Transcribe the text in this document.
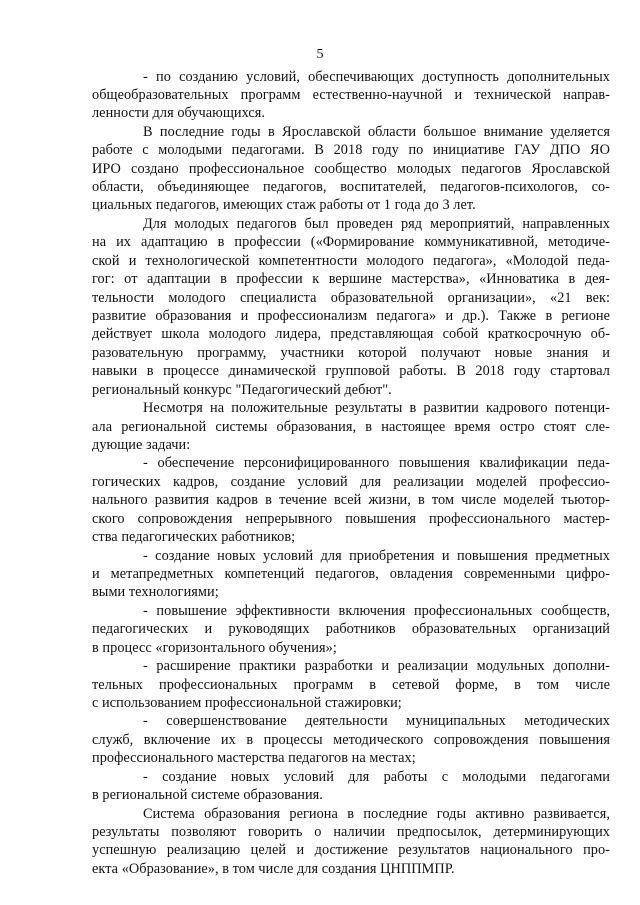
5
- по созданию условий, обеспечивающих доступность дополнительных
общеобразовательных программ естественно-научной и технической направ-
ленности для обучающихся.
В последние годы в Ярославской области большое внимание уделяется
работе с молодыми педагогами. В 2018 году по инициативе ГАУ ДПО ЯО
ИРО создано профессиональное сообщество молодых педагогов Ярославской
области, объединяющее педагогов, воспитателей, педагогов-психологов, со-
циальных педагогов, имеющих стаж работы от 1 года до 3 лет.
Для молодых педагогов был проведен ряд мероприятий, направленных
на их адаптацию в профессии («Формирование коммуникативной, методиче-
ской и технологической компетентности молодого педагога», «Молодой педа-
гог: от адаптации в профессии к вершине мастерства», «Инноватика в дея-
тельности молодого специалиста образовательной организации», «21 век:
развитие образования и профессионализм педагога» и др.). Также в регионе
действует школа молодого лидера, представляющая собой краткосрочную об-
разовательную программу, участники которой получают новые знания и
навыки в процессе динамической групповой работы. В 2018 году стартовал
региональный конкурс "Педагогический дебют".
Несмотря на положительные результаты в развитии кадрового потенци-
ала региональной системы образования, в настоящее время остро стоят сле-
дующие задачи:
- обеспечение персонифицированного повышения квалификации педа-
гогических кадров, создание условий для реализации моделей профессио-
нального развития кадров в течение всей жизни, в том числе моделей тьютор-
ского сопровождения непрерывного повышения профессионального мастер-
ства педагогических работников;
- создание новых условий для приобретения и повышения предметных
и метапредметных компетенций педагогов, овладения современными цифро-
выми технологиями;
- повышение эффективности включения профессиональных сообществ,
педагогических и руководящих работников образовательных организаций
в процесс «горизонтального обучения»;
- расширение практики разработки и реализации модульных дополни-
тельных профессиональных программ в сетевой форме, в том числе
с использованием профессиональной стажировки;
- совершенствование деятельности муниципальных методических
служб, включение их в процессы методического сопровождения повышения
профессионального мастерства педагогов на местах;
- создание новых условий для работы с молодыми педагогами
в региональной системе образования.
Система образования региона в последние годы активно развивается,
результаты позволяют говорить о наличии предпосылок, детерминирующих
успешную реализацию целей и достижение результатов национального про-
екта «Образование», в том числе для создания ЦНППМПР.
